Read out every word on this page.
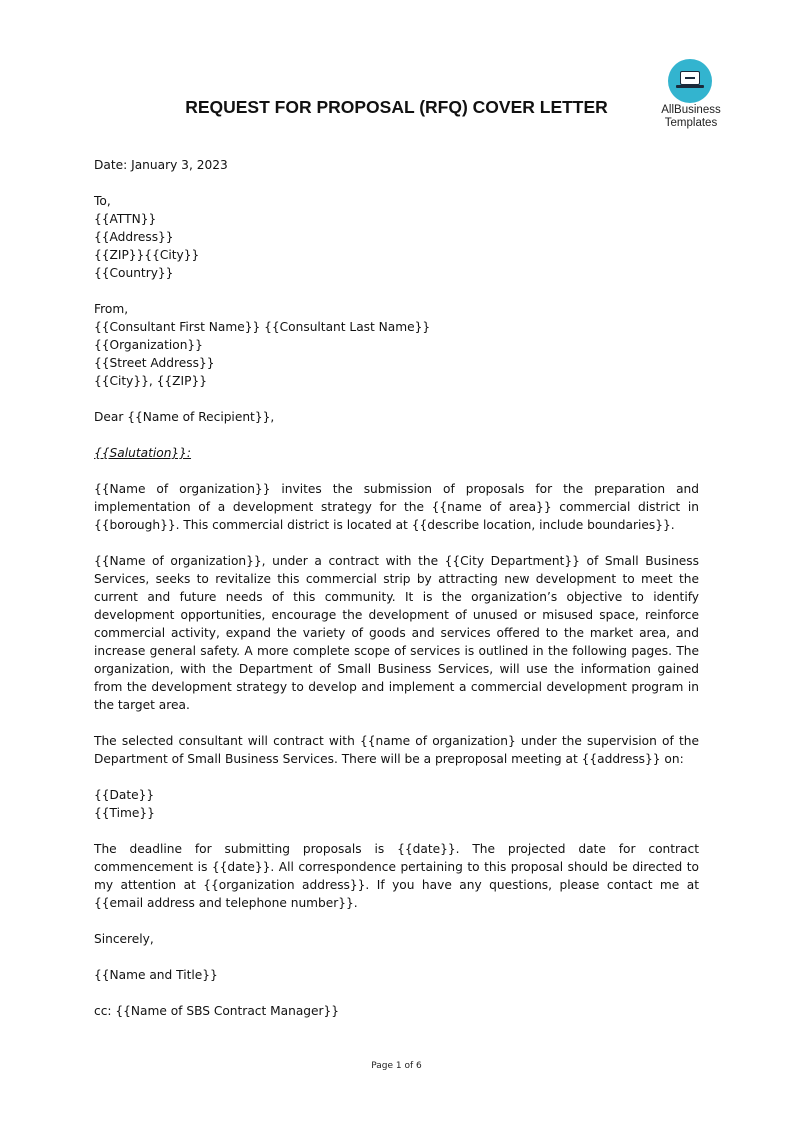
AllBusiness
Templates
REQUEST FOR PROPOSAL (RFQ) COVER LETTER
Date: January 3, 2023
To,
{{ATTN}}
{{Address}}
{{ZIP}}{{City}}
{{Country}}
From,
{{Consultant First Name}} {{Consultant Last Name}}
{{Organization}}
{{Street Address}}
{{City}}, {{ZIP}}
Dear {{Name of Recipient}},
{{Salutation}}:
{{Name of organization}} invites the submission of proposals for the preparation and implementation of a development strategy for the {{name of area}} commercial district in {{borough}}. This commercial district is located at {{describe location, include boundaries}}.
{{Name of organization}}, under a contract with the {{City Department}} of Small Business Services, seeks to revitalize this commercial strip by attracting new development to meet the current and future needs of this community. It is the organization’s objective to identify development opportunities, encourage the development of unused or misused space, reinforce commercial activity, expand the variety of goods and services offered to the market area, and increase general safety. A more complete scope of services is outlined in the following pages. The organization, with the Department of Small Business Services, will use the information gained from the development strategy to develop and implement a commercial development program in the target area.
The selected consultant will contract with {{name of organization} under the supervision of the Department of Small Business Services. There will be a preproposal meeting at {{address}} on:
{{Date}}
{{Time}}
The deadline for submitting proposals is {{date}}. The projected date for contract commencement is {{date}}. All correspondence pertaining to this proposal should be directed to my attention at {{organization address}}. If you have any questions, please contact me at {{email address and telephone number}}.
Sincerely,
{{Name and Title}}
cc: {{Name of SBS Contract Manager}}
Page 1 of 6
